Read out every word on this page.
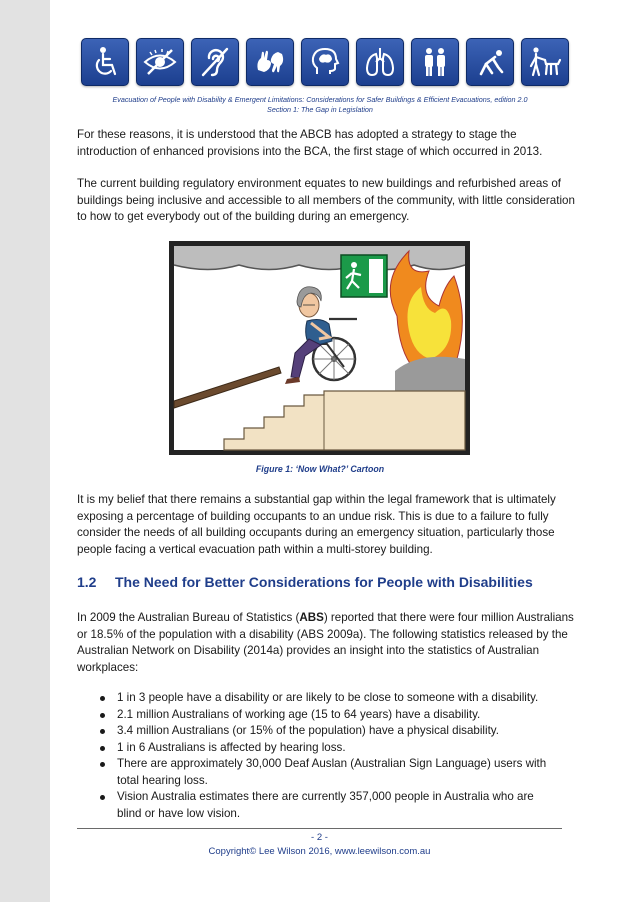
Evacuation of People with Disability & Emergent Limitations: Considerations for Safer Buildings & Efficient Evacuations, edition 2.0
Section 1: The Gap in Legislation

For these reasons, it is understood that the ABCB has adopted a strategy to stage the introduction of enhanced provisions into the BCA, the first stage of which occurred in 2013.

The current building regulatory environment equates to new buildings and refurbished areas of buildings being inclusive and accessible to all members of the community, with little consideration to how to get everybody out of the building during an emergency.

Figure 1: ‘Now What?’ Cartoon

It is my belief that there remains a substantial gap within the legal framework that is ultimately exposing a percentage of building occupants to an undue risk. This is due to a failure to fully consider the needs of all building occupants during an emergency situation, particularly those people facing a vertical evacuation path within a multi-storey building.

1.2 The Need for Better Considerations for People with Disabilities

In 2009 the Australian Bureau of Statistics (ABS) reported that there were four million Australians or 18.5% of the population with a disability (ABS 2009a). The following statistics released by the Australian Network on Disability (2014a) provides an insight into the statistics of Australian workplaces:

1 in 3 people have a disability or are likely to be close to someone with a disability.
2.1 million Australians of working age (15 to 64 years) have a disability.
3.4 million Australians (or 15% of the population) have a physical disability.
1 in 6 Australians is affected by hearing loss.
There are approximately 30,000 Deaf Auslan (Australian Sign Language) users with total hearing loss.
Vision Australia estimates there are currently 357,000 people in Australia who are blind or have low vision.
- 2 -
Copyright© Lee Wilson 2016, www.leewilson.com.au
